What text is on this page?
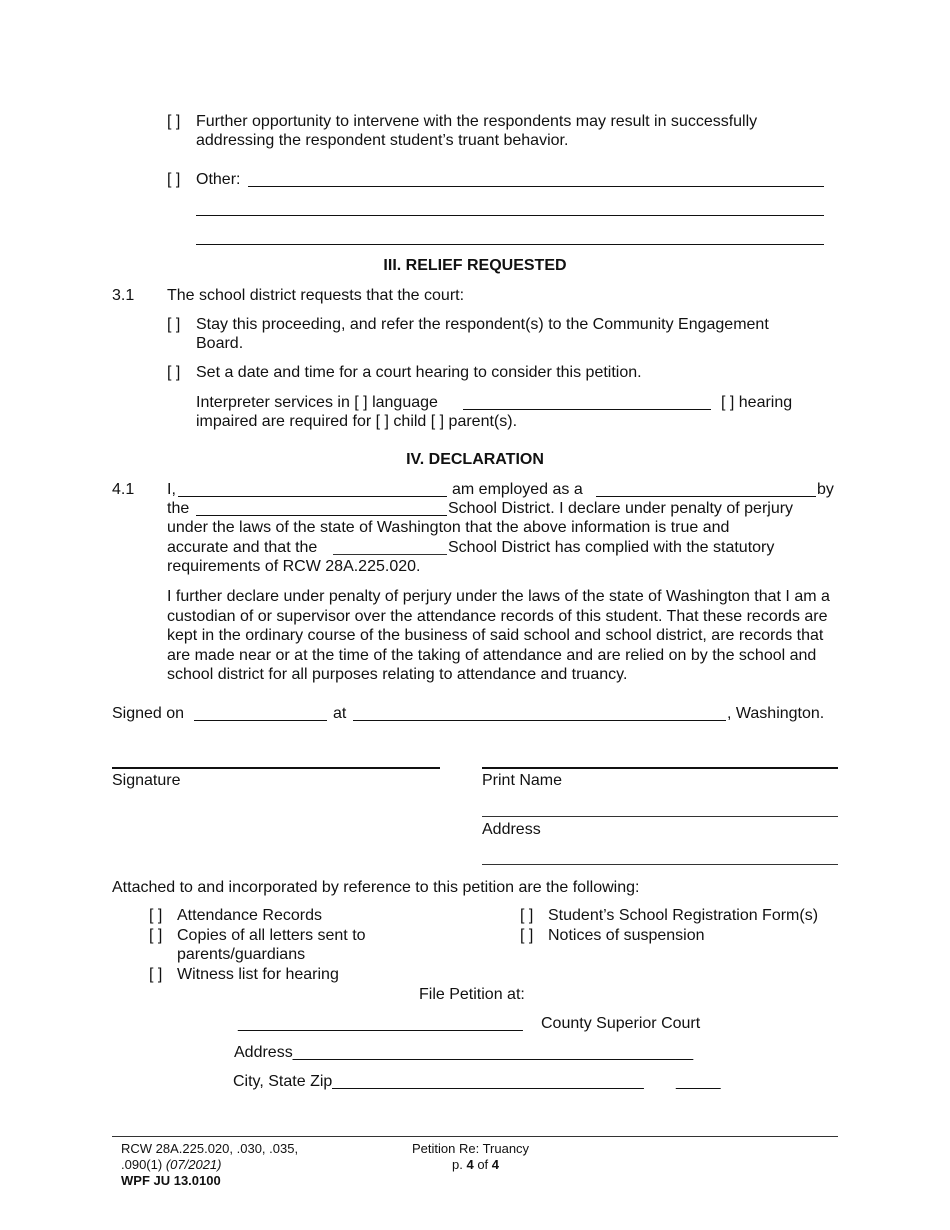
[ ] Further opportunity to intervene with the respondents may result in successfully
addressing the respondent student’s truant behavior.
[ ] Other:
III. RELIEF REQUESTED
3.1 The school district requests that the court:
[ ] Stay this proceeding, and refer the respondent(s) to the Community Engagement
Board.
[ ] Set a date and time for a court hearing to consider this petition.
Interpreter services in [ ] language	[ ] hearing
impaired are required for [ ] child [ ] parent(s).
IV. DECLARATION
4.1 I,	am employed as a	by
the	School District. I declare under penalty of perjury
under the laws of the state of Washington that the above information is true and
accurate and that the	School District has complied with the statutory
requirements of RCW 28A.225.020.
I further declare under penalty of perjury under the laws of the state of Washington that I am a custodian of or supervisor over the attendance records of this student. That these records are kept in the ordinary course of the business of said school and school district, are records that are made near or at the time of the taking of attendance and are relied on by the school and school district for all purposes relating to attendance and truancy.
Signed on	at	, Washington.
Signature	Print Name
Address
Attached to and incorporated by reference to this petition are the following:
[ ] Attendance Records
[ ] Copies of all letters sent to
parents/guardians
[ ] Witness list for hearing
[ ] Student’s School Registration Form(s)
[ ] Notices of suspension
File Petition at:
________________________________ County Superior Court
Address_____________________________________________
City, State Zip___________________________________ _____
RCW 28A.225.020, .030, .035,
.090(1) (07/2021)
WPF JU 13.0100
Petition Re: Truancy
p. 4 of 4
